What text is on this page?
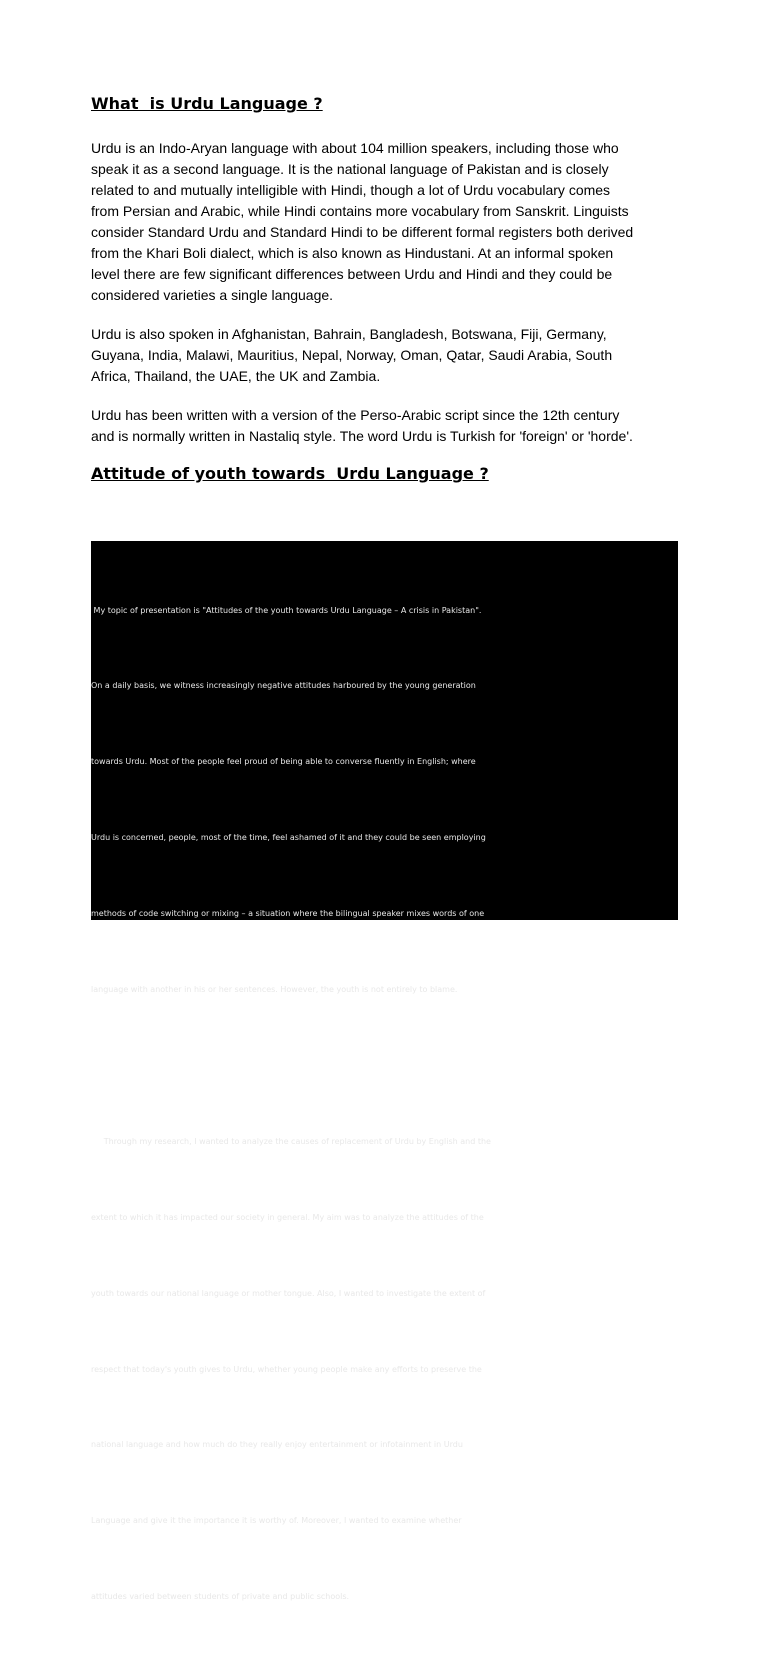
What  is Urdu Language ?

Urdu is an Indo-Aryan language with about 104 million speakers, including those who
speak it as a second language. It is the national language of Pakistan and is closely
related to and mutually intelligible with Hindi, though a lot of Urdu vocabulary comes
from Persian and Arabic, while Hindi contains more vocabulary from Sanskrit. Linguists
consider Standard Urdu and Standard Hindi to be different formal registers both derived
from the Khari Boli dialect, which is also known as Hindustani. At an informal spoken
level there are few significant differences between Urdu and Hindi and they could be
considered varieties a single language.

Urdu is also spoken in Afghanistan, Bahrain, Bangladesh, Botswana, Fiji, Germany,
Guyana, India, Malawi, Mauritius, Nepal, Norway, Oman, Qatar, Saudi Arabia, South
Africa, Thailand, the UAE, the UK and Zambia.

Urdu has been written with a version of the Perso-Arabic script since the 12th century
and is normally written in Nastaliq style. The word Urdu is Turkish for 'foreign' or 'horde'.

Attitude of youth towards  Urdu Language ?

My topic of presentation is "Attitudes of the youth towards Urdu Language – A crisis in Pakistan".

On a daily basis, we witness increasingly negative attitudes harboured by the young generation

towards Urdu. Most of the people feel proud of being able to converse fluently in English; where

Urdu is concerned, people, most of the time, feel ashamed of it and they could be seen employing

methods of code switching or mixing – a situation where the bilingual speaker mixes words of one

language with another in his or her sentences. However, the youth is not entirely to blame.

Through my research, I wanted to analyze the causes of replacement of Urdu by English and the

extent to which it has impacted our society in general. My aim was to analyze the attitudes of the

youth towards our national language or mother tongue. Also, I wanted to investigate the extent of

respect that today's youth gives to Urdu, whether young people make any efforts to preserve the

national language and how much do they really enjoy entertainment or infotainment in Urdu

Language and give it the importance it is worthy of. Moreover, I wanted to examine whether

attitudes varied between students of private and public schools.
